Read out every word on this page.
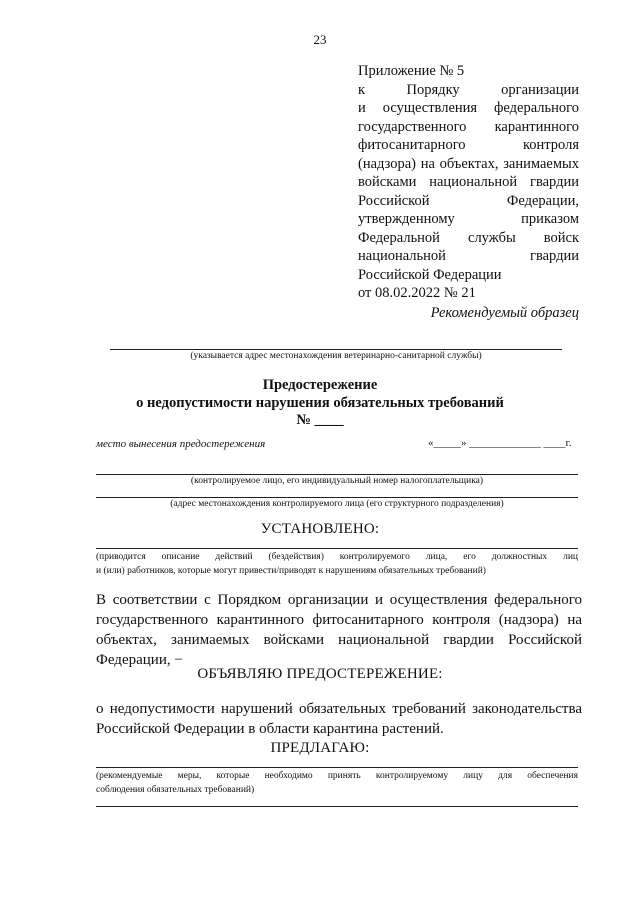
23
Приложение № 5
к Порядку организации
и осуществления федерального
государственного карантинного
фитосанитарного контроля
(надзора) на объектах, занимаемых
войсками национальной гвардии
Российской Федерации,
утвержденному приказом
Федеральной службы войск
национальной гвардии
Российской Федерации
от 08.02.2022 № 21
Рекомендуемый образец
(указывается адрес местонахождения ветеринарно-санитарной службы)
Предостережение
о недопустимости нарушения обязательных требований
№ ____
место вынесения предостережения	«_____» _____________ ____г.
(контролируемое лицо, его индивидуальный номер налогоплательщика)
(адрес местонахождения контролируемого лица (его структурного подразделения)
УСТАНОВЛЕНО:
(приводится описание действий (бездействия) контролируемого лица, его должностных лиц
и (или) работников, которые могут привести/приводят к нарушениям обязательных требований)
В соответствии с Порядком организации и осуществления федерального
государственного карантинного фитосанитарного контроля (надзора) на
объектах, занимаемых войсками национальной гвардии Российской
Федерации, −
ОБЪЯВЛЯЮ ПРЕДОСТЕРЕЖЕНИЕ:
о недопустимости нарушений обязательных требований законодательства
Российской Федерации в области карантина растений.
ПРЕДЛАГАЮ:
(рекомендуемые меры, которые необходимо принять контролируемому лицу для обеспечения
соблюдения обязательных требований)
